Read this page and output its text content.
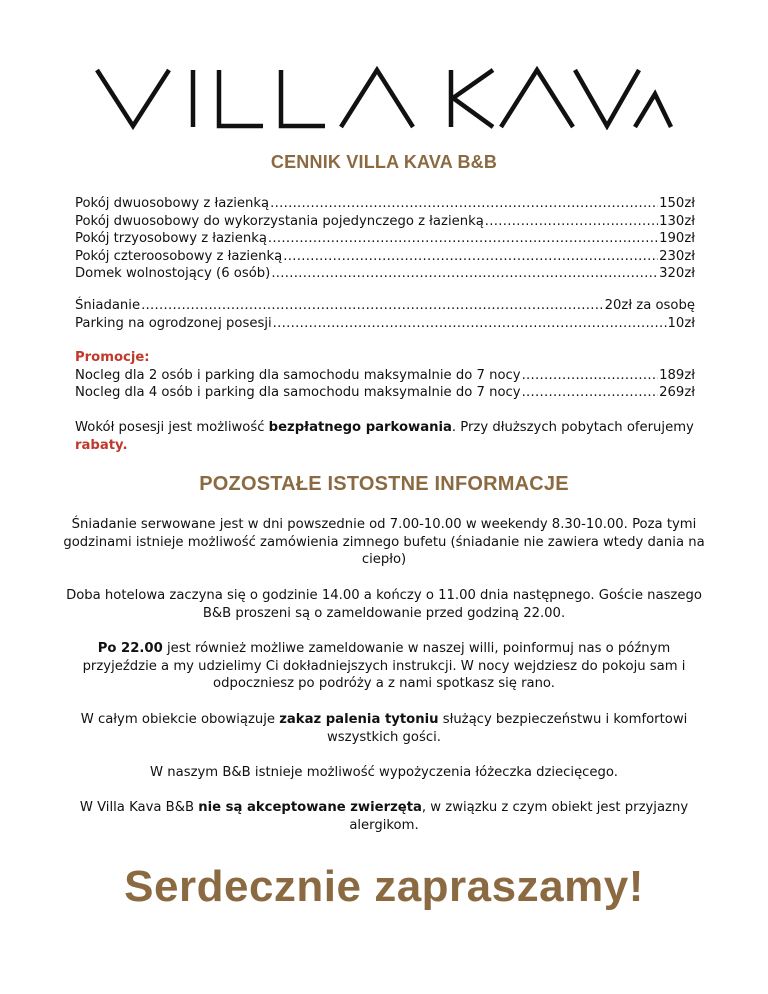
CENNIK VILLA KAVA B&B
Pokój dwuosobowy z łazienką .....	150zł
Pokój dwuosobowy do wykorzystania pojedynczego z łazienką .....	130zł
Pokój trzyosobowy z łazienką .....	190zł
Pokój czteroosobowy z łazienką .....	230zł
Domek wolnostojący (6 osób) .....	320zł
Śniadanie .....	20zł za osobę
Parking na ogrodzonej posesji .....	10zł
Promocje:
Nocleg dla 2 osób i parking dla samochodu maksymalnie do 7 nocy .....	189zł
Nocleg dla 4 osób i parking dla samochodu maksymalnie do 7 nocy .....	269zł
Wokół posesji jest możliwość bezpłatnego parkowania. Przy dłuższych pobytach oferujemy rabaty.
POZOSTAŁE ISTOSTNE INFORMACJE
Śniadanie serwowane jest w dni powszednie od 7.00-10.00 w weekendy 8.30-10.00. Poza tymi godzinami istnieje możliwość zamówienia zimnego bufetu (śniadanie nie zawiera wtedy dania na ciepło)
Doba hotelowa zaczyna się o godzinie 14.00 a kończy o 11.00 dnia następnego. Goście naszego B&B proszeni są o zameldowanie przed godziną 22.00.
Po 22.00 jest również możliwe zameldowanie w naszej willi, poinformuj nas o późnym przyjeździe a my udzielimy Ci dokładniejszych instrukcji. W nocy wejdziesz do pokoju sam i odpoczniesz po podróży a z nami spotkasz się rano.
W całym obiekcie obowiązuje zakaz palenia tytoniu służący bezpieczeństwu i komfortowi wszystkich gości.
W naszym B&B istnieje możliwość wypożyczenia łóżeczka dziecięcego.
W Villa Kava B&B nie są akceptowane zwierzęta, w związku z czym obiekt jest przyjazny alergikom.
Serdecznie zapraszamy!
